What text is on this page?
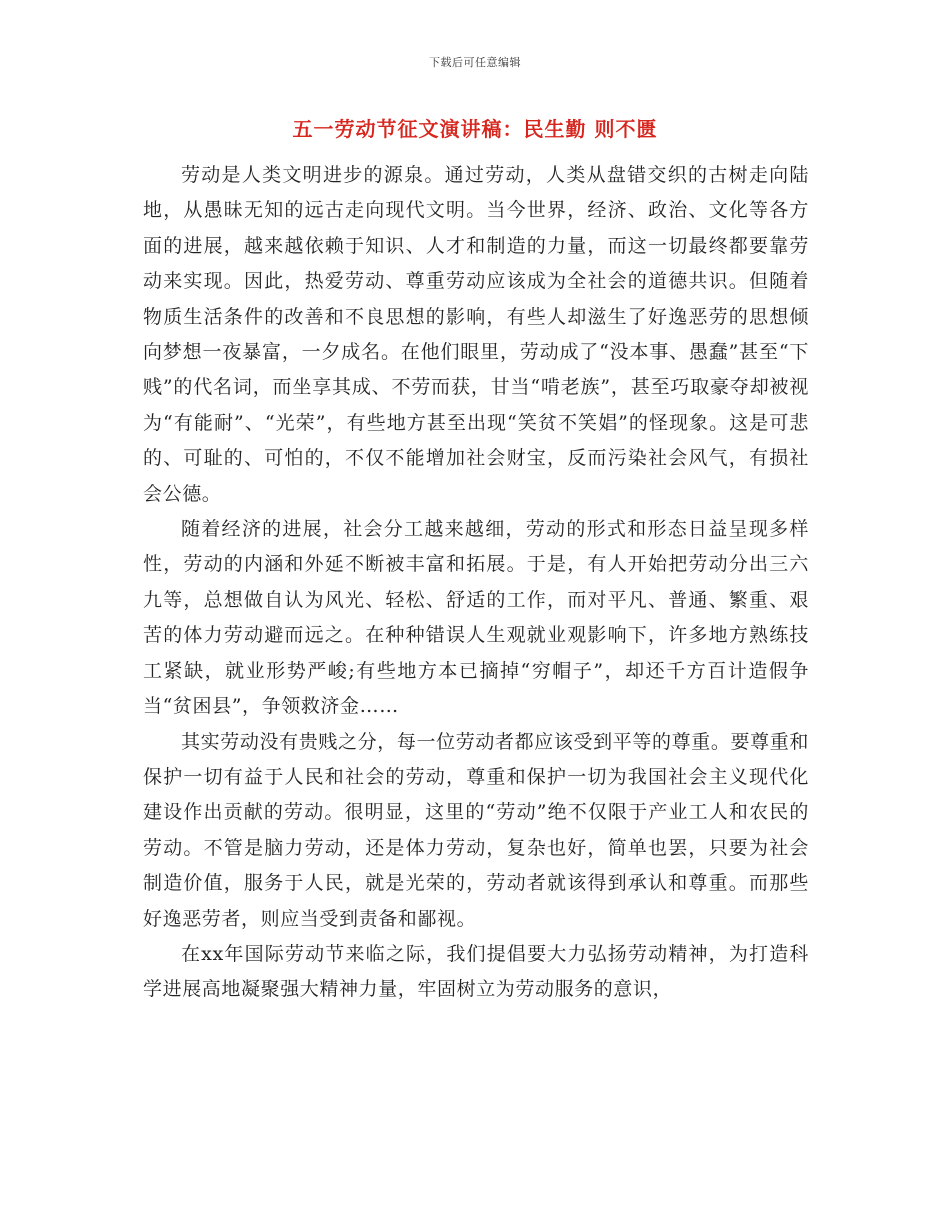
下载后可任意编辑
五一劳动节征文演讲稿：民生勤 则不匮

劳动是人类文明进步的源泉。通过劳动，人类从盘错交织的古树走向陆地，从愚昧无知的远古走向现代文明。当今世界，经济、政治、文化等各方面的进展，越来越依赖于知识、人才和制造的力量，而这一切最终都要靠劳动来实现。因此，热爱劳动、尊重劳动应该成为全社会的道德共识。但随着物质生活条件的改善和不良思想的影响，有些人却滋生了好逸恶劳的思想倾向梦想一夜暴富，一夕成名。在他们眼里，劳动成了“没本事、愚蠢”甚至“下贱”的代名词，而坐享其成、不劳而获，甘当“啃老族”，甚至巧取豪夺却被视为“有能耐”、“光荣”，有些地方甚至出现“笑贫不笑娼”的怪现象。这是可悲的、可耻的、可怕的，不仅不能增加社会财宝，反而污染社会风气，有损社会公德。

随着经济的进展，社会分工越来越细，劳动的形式和形态日益呈现多样性，劳动的内涵和外延不断被丰富和拓展。于是，有人开始把劳动分出三六九等，总想做自认为风光、轻松、舒适的工作，而对平凡、普通、繁重、艰苦的体力劳动避而远之。在种种错误人生观就业观影响下，许多地方熟练技工紧缺，就业形势严峻;有些地方本已摘掉“穷帽子”，却还千方百计造假争当“贫困县”，争领救济金……

其实劳动没有贵贱之分，每一位劳动者都应该受到平等的尊重。要尊重和保护一切有益于人民和社会的劳动，尊重和保护一切为我国社会主义现代化建设作出贡献的劳动。很明显，这里的“劳动”绝不仅限于产业工人和农民的劳动。不管是脑力劳动，还是体力劳动，复杂也好，简单也罢，只要为社会制造价值，服务于人民，就是光荣的，劳动者就该得到承认和尊重。而那些好逸恶劳者，则应当受到责备和鄙视。

在xx年国际劳动节来临之际，我们提倡要大力弘扬劳动精神，为打造科学进展高地凝聚强大精神力量，牢固树立为劳动服务的意识，
